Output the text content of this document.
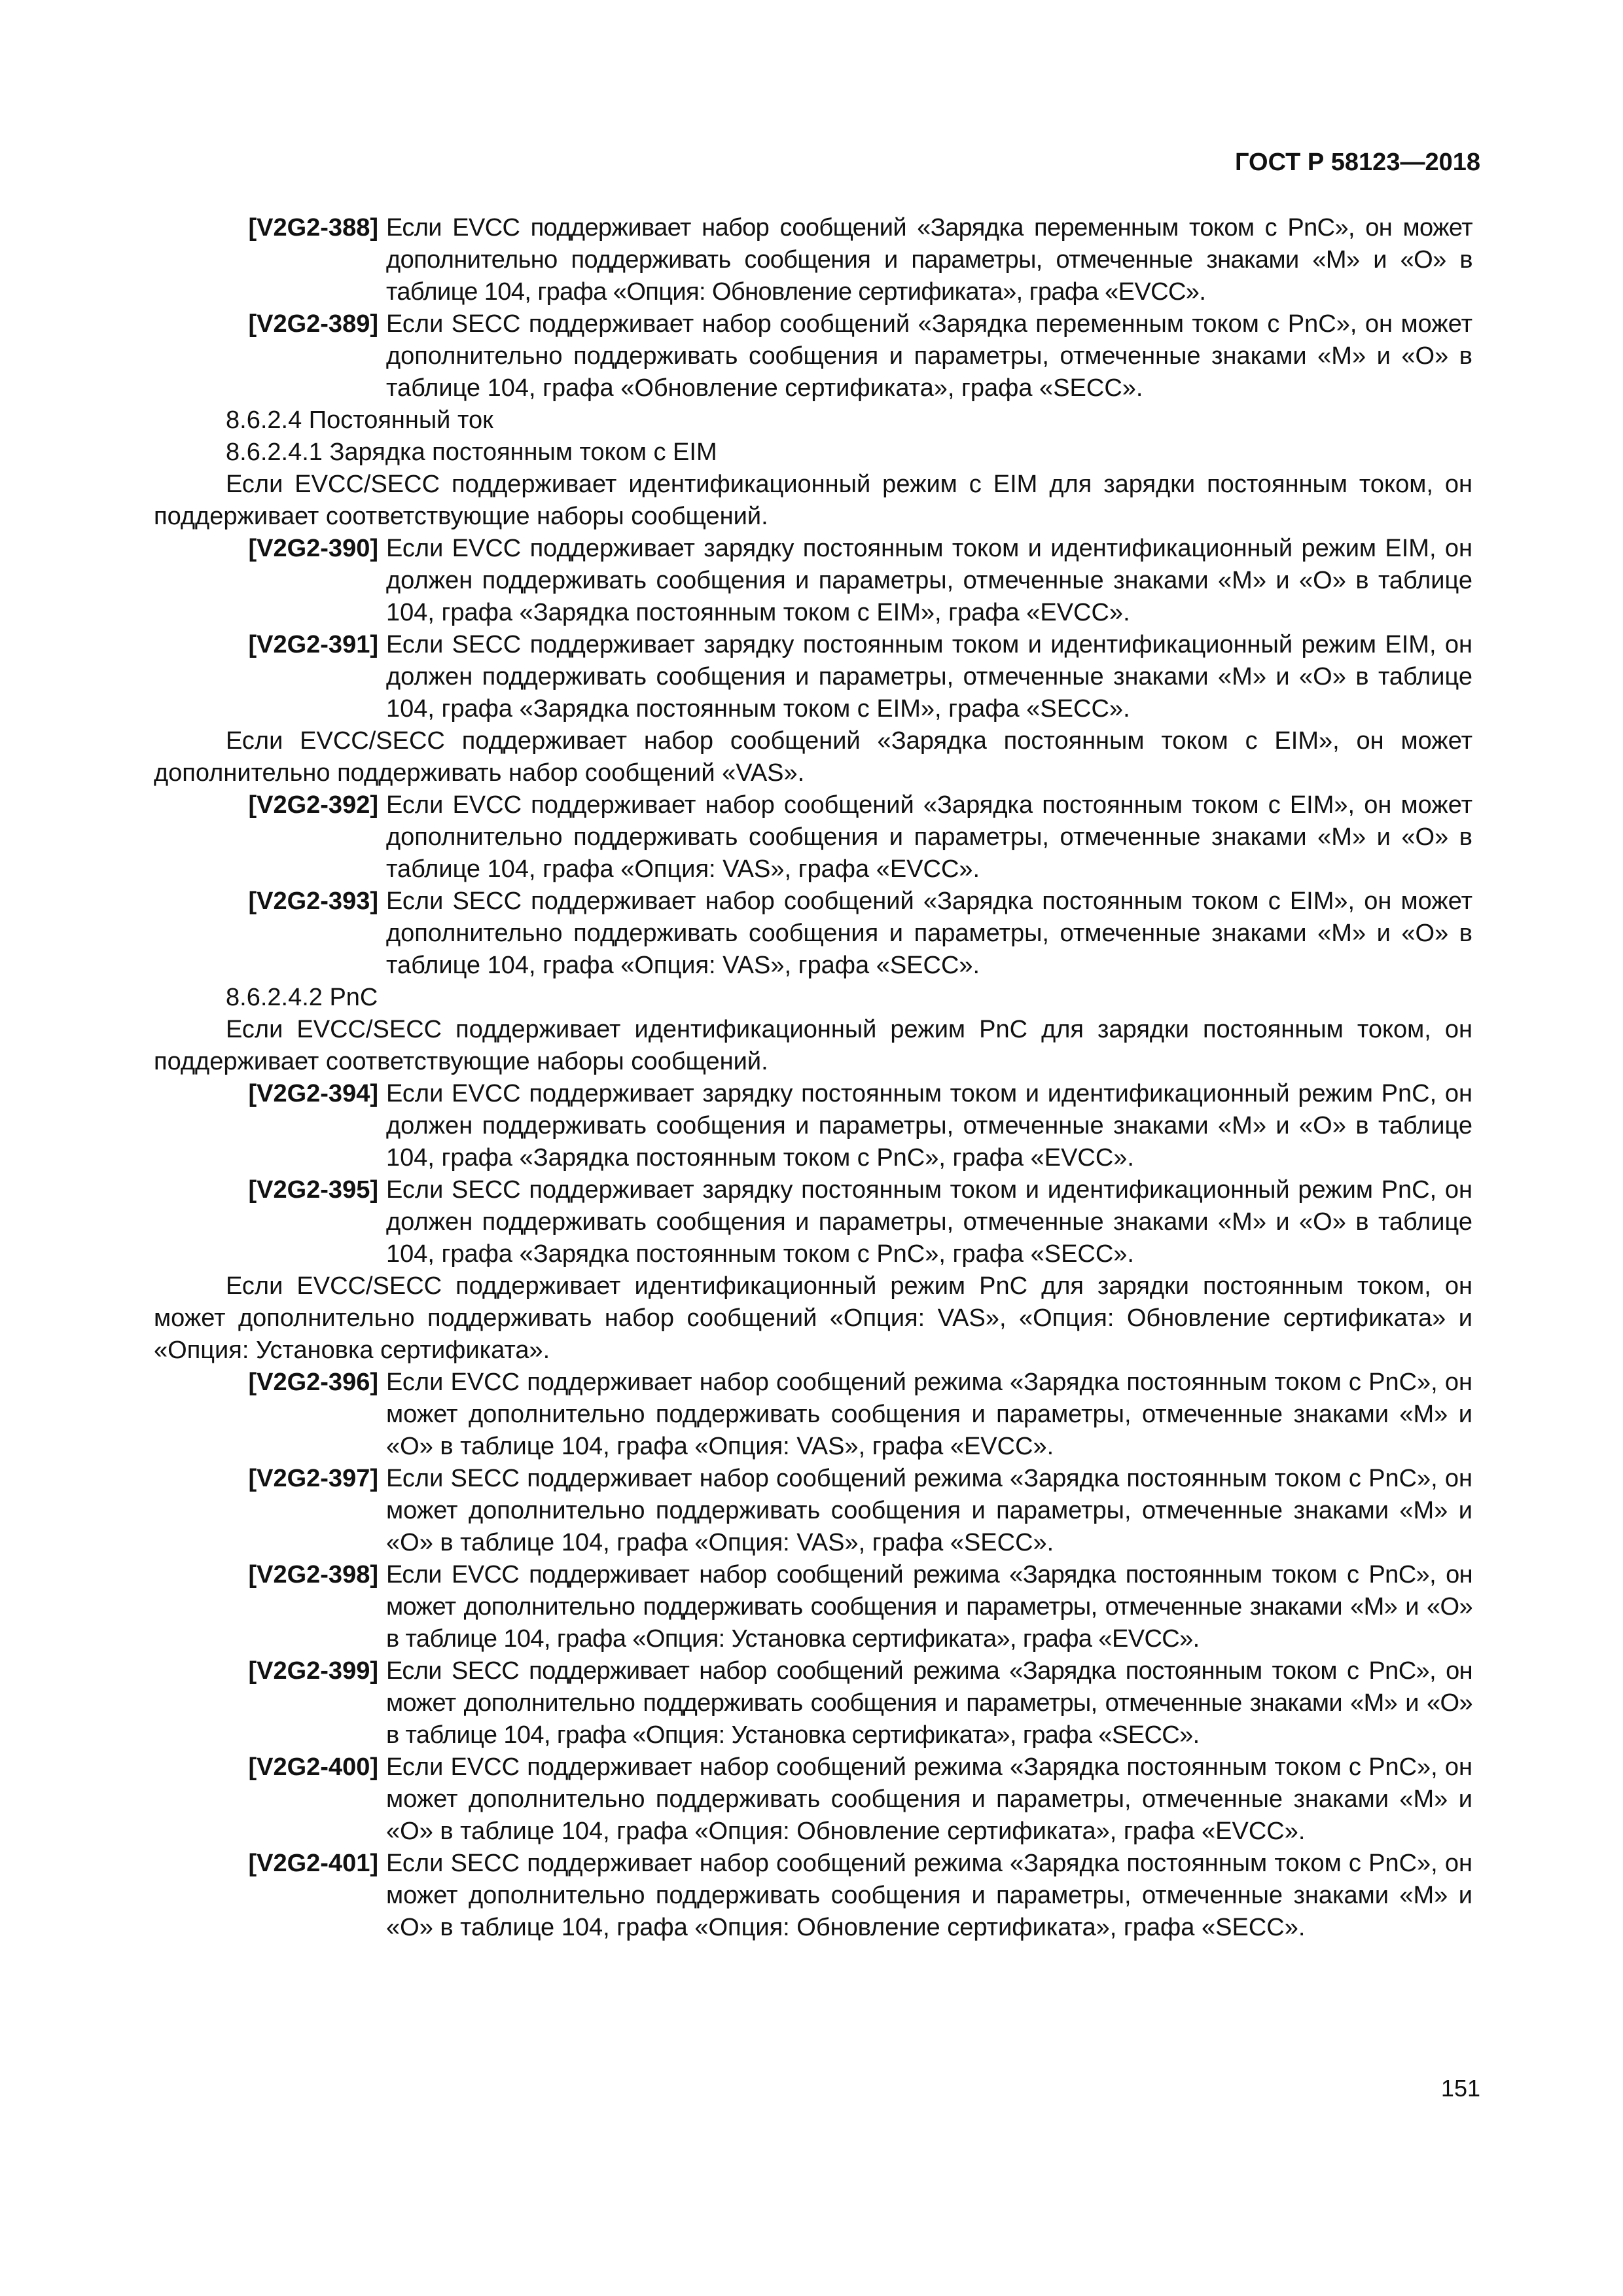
ГОСТ Р 58123—2018
[V2G2-388] Если EVCC поддерживает набор сообщений «Зарядка переменным током с PnC», он может дополнительно поддерживать сообщения и параметры, отмеченные знаками «М» и «О» в таблице 104, графа «Опция: Обновление сертификата», графа «EVCC».
[V2G2-389] Если SECC поддерживает набор сообщений «Зарядка переменным током с PnC», он может дополнительно поддерживать сообщения и параметры, отмеченные знаками «М» и «О» в таблице 104, графа «Обновление сертификата», графа «SECC».
8.6.2.4 Постоянный ток
8.6.2.4.1 Зарядка постоянным током с EIM

Если EVCC/SECC поддерживает идентификационный режим с EIM для зарядки постоянным током, он поддерживает соответствующие наборы сообщений.

[V2G2-390] Если EVCC поддерживает зарядку постоянным током и идентификационный режим EIM, он должен поддерживать сообщения и параметры, отмеченные знаками «М» и «О» в таблице 104, графа «Зарядка постоянным током с EIM», графа «EVCC».
[V2G2-391] Если SECC поддерживает зарядку постоянным током и идентификационный режим EIM, он должен поддерживать сообщения и параметры, отмеченные знаками «М» и «О» в таблице 104, графа «Зарядка постоянным током с EIM», графа «SECC».

Если EVCC/SECC поддерживает набор сообщений «Зарядка постоянным током с EIM», он может дополнительно поддерживать набор сообщений «VAS».

[V2G2-392] Если EVCC поддерживает набор сообщений «Зарядка постоянным током с EIM», он может дополнительно поддерживать сообщения и параметры, отмеченные знаками «М» и «О» в таблице 104, графа «Опция: VAS», графа «EVCC».
[V2G2-393] Если SECC поддерживает набор сообщений «Зарядка постоянным током с EIM», он может дополнительно поддерживать сообщения и параметры, отмеченные знаками «М» и «О» в таблице 104, графа «Опция: VAS», графа «SECC».
8.6.2.4.2 PnC

Если EVCC/SECC поддерживает идентификационный режим PnC для зарядки постоянным током, он поддерживает соответствующие наборы сообщений.

[V2G2-394] Если EVCC поддерживает зарядку постоянным током и идентификационный режим PnC, он должен поддерживать сообщения и параметры, отмеченные знаками «М» и «О» в таблице 104, графа «Зарядка постоянным током с PnC», графа «EVCC».
[V2G2-395] Если SECC поддерживает зарядку постоянным током и идентификационный режим PnC, он должен поддерживать сообщения и параметры, отмеченные знаками «М» и «О» в таблице 104, графа «Зарядка постоянным током с PnC», графа «SECC».

Если EVCC/SECC поддерживает идентификационный режим PnC для зарядки постоянным током, он может дополнительно поддерживать набор сообщений «Опция: VAS», «Опция: Обновление сертификата» и «Опция: Установка сертификата».

[V2G2-396] Если EVCC поддерживает набор сообщений режима «Зарядка постоянным током с PnC», он может дополнительно поддерживать сообщения и параметры, отмеченные знаками «М» и «О» в таблице 104, графа «Опция: VAS», графа «EVCC».
[V2G2-397] Если SECC поддерживает набор сообщений режима «Зарядка постоянным током с PnC», он может дополнительно поддерживать сообщения и параметры, отмеченные знаками «М» и «О» в таблице 104, графа «Опция: VAS», графа «SECC».
[V2G2-398] Если EVCC поддерживает набор сообщений режима «Зарядка постоянным током с PnC», он может дополнительно поддерживать сообщения и параметры, отмеченные знаками «М» и «О» в таблице 104, графа «Опция: Установка сертификата», графа «EVCC».
[V2G2-399] Если SECC поддерживает набор сообщений режима «Зарядка постоянным током с PnC», он может дополнительно поддерживать сообщения и параметры, отмеченные знаками «М» и «О» в таблице 104, графа «Опция: Установка сертификата», графа «SECC».
[V2G2-400] Если EVCC поддерживает набор сообщений режима «Зарядка постоянным током с PnC», он может дополнительно поддерживать сообщения и параметры, отмеченные знаками «М» и «О» в таблице 104, графа «Опция: Обновление сертификата», графа «EVCC».
[V2G2-401] Если SECC поддерживает набор сообщений режима «Зарядка постоянным током с PnC», он может дополнительно поддерживать сообщения и параметры, отмеченные знаками «М» и «О» в таблице 104, графа «Опция: Обновление сертификата», графа «SECC».
151
